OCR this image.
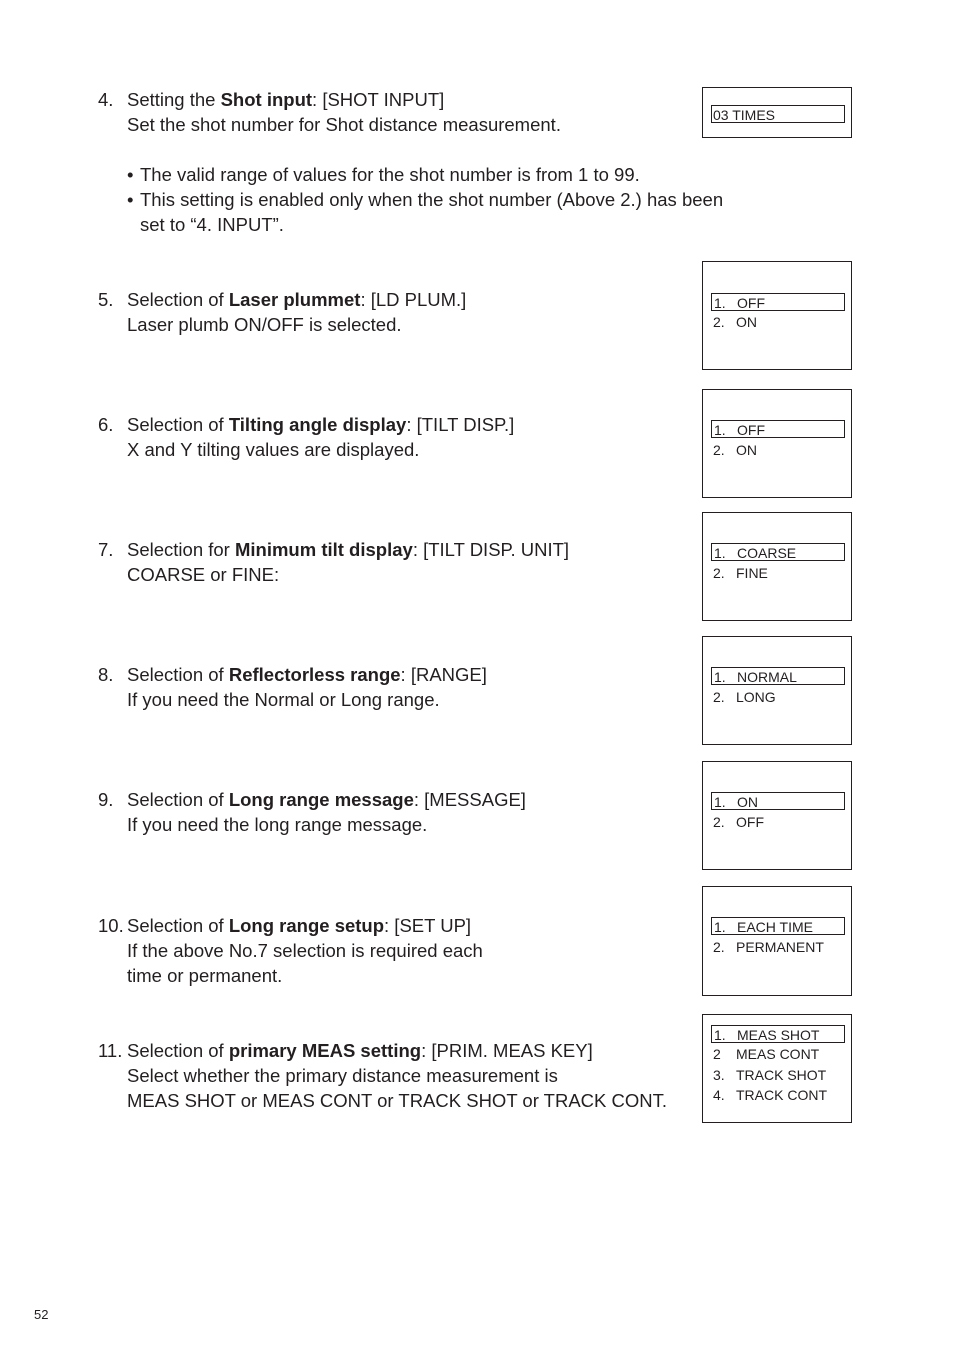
4. Setting the Shot input: [SHOT INPUT]
Set the shot number for Shot distance measurement.
• The valid range of values for the shot number is from 1 to 99.
• This setting is enabled only when the shot number (Above 2.) has been
set to “4. INPUT”.
03 TIMES
5. Selection of Laser plummet: [LD PLUM.]
Laser plumb ON/OFF is selected.
1. OFF
2. ON
6. Selection of Tilting angle display: [TILT DISP.]
X and Y tilting values are displayed.
1. OFF
2. ON
7. Selection for Minimum tilt display: [TILT DISP. UNIT]
COARSE or FINE:
1. COARSE
2. FINE
8. Selection of Reflectorless range: [RANGE]
If you need the Normal or Long range.
1. NORMAL
2. LONG
9. Selection of Long range message: [MESSAGE]
If you need the long range message.
1. ON
2. OFF
10. Selection of Long range setup: [SET UP]
If the above No.7 selection is required each
time or permanent.
1. EACH TIME
2. PERMANENT
11. Selection of primary MEAS setting: [PRIM. MEAS KEY]
Select whether the primary distance measurement is
MEAS SHOT or MEAS CONT or TRACK SHOT or TRACK CONT.
1. MEAS SHOT
2 MEAS CONT
3. TRACK SHOT
4. TRACK CONT
52
